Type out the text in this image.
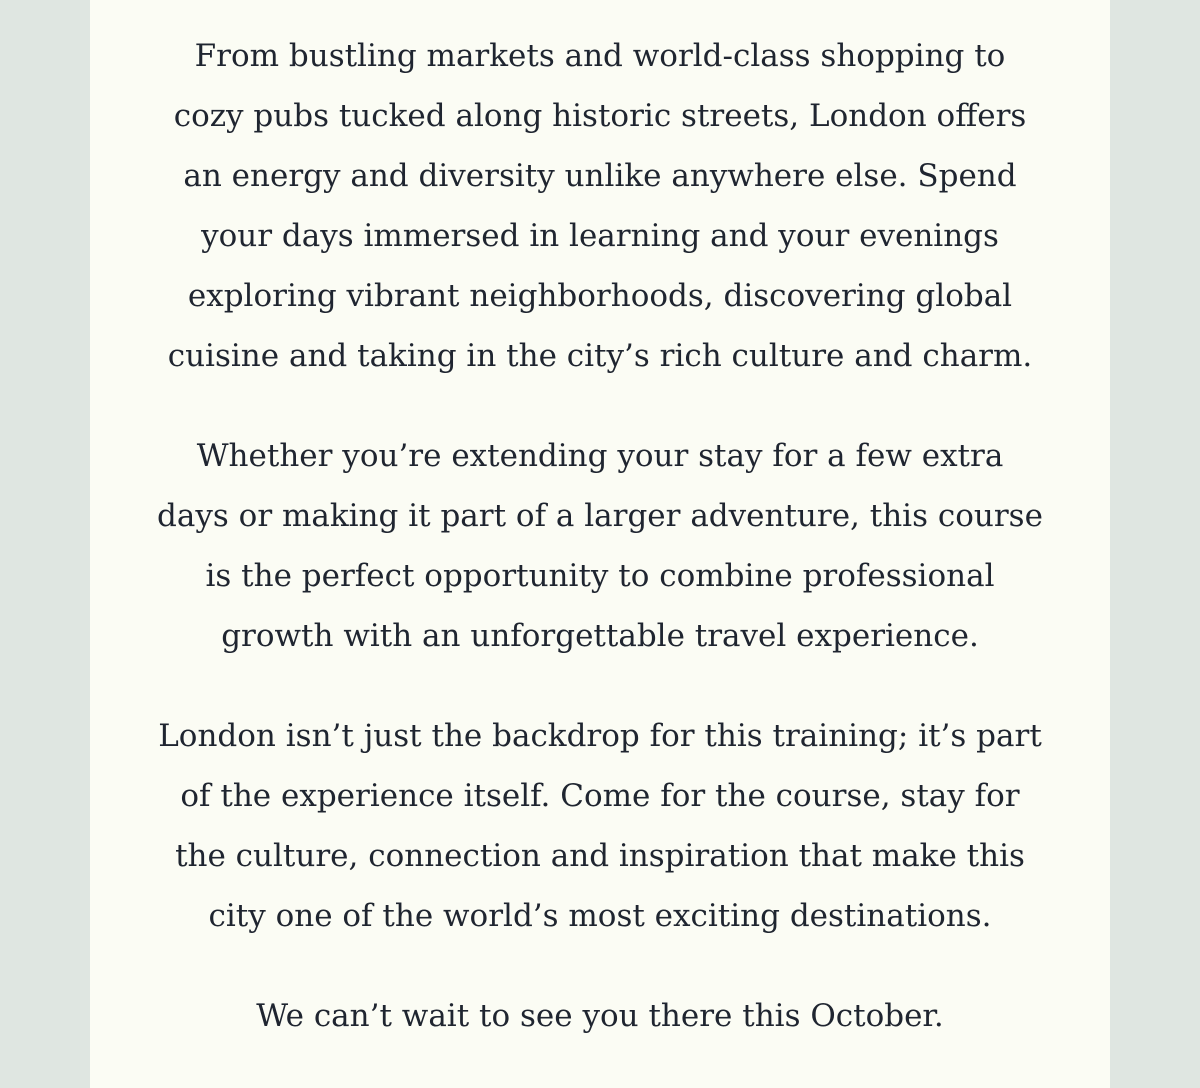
From bustling markets and world-class shopping to
cozy pubs tucked along historic streets, London offers
an energy and diversity unlike anywhere else. Spend
your days immersed in learning and your evenings
exploring vibrant neighborhoods, discovering global
cuisine and taking in the city’s rich culture and charm.

Whether you’re extending your stay for a few extra
days or making it part of a larger adventure, this course
is the perfect opportunity to combine professional
growth with an unforgettable travel experience.

London isn’t just the backdrop for this training; it’s part
of the experience itself. Come for the course, stay for
the culture, connection and inspiration that make this
city one of the world’s most exciting destinations.

We can’t wait to see you there this October.
